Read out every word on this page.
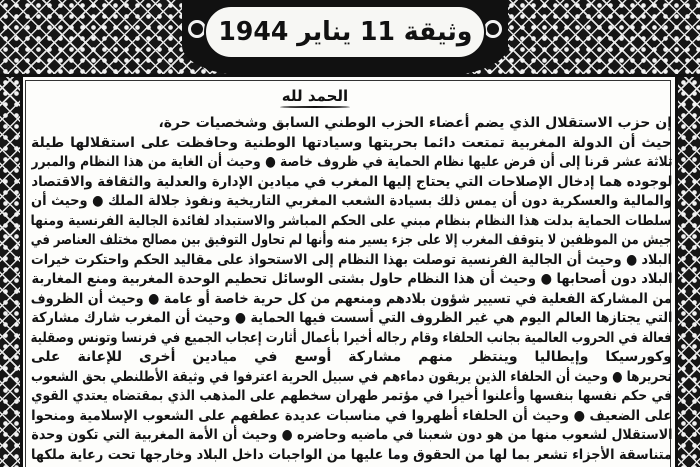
وثيقة 11 يناير 1944
الحمد لله
إن حزب الاستقلال الذي يضم أعضاء الحزب الوطني السابق وشخصيات حرة،
حيث أن الدولة المغربية تمتعت دائما بحريتها وسيادتها الوطنية وحافظت على استقلالها طيلة
ثلاثة عشر قرنا إلى أن فرض عليها نظام الحماية في ظروف خاصة ● وحيث أن الغاية من هذا النظام والمبرر
لوجوده هما إدخال الإصلاحات التي يحتاج إليها المغرب في ميادين الإدارة والعدلية والثقافة والاقتصاد
والمالية والعسكرية دون أن يمس ذلك بسيادة الشعب المغربي التاريخية ونفوذ جلالة الملك ● وحيث أن
سلطات الحماية بدلت هذا النظام بنظام مبني على الحكم المباشر والاستبداد لفائدة الجالية الفرنسية ومنها
جيش من الموظفين لا يتوقف المغرب إلا على جزء يسير منه وأنها لم تحاول التوفيق بين مصالح مختلف العناصر في
البلاد ● وحيث أن الجالية الفرنسية توصلت بهذا النظام إلى الاستحواذ على مقاليد الحكم واحتكرت خيرات
البلاد دون أصحابها ● وحيث أن هذا النظام حاول بشتى الوسائل تحطيم الوحدة المغربية ومنع المغاربة
من المشاركة الفعلية في تسيير شؤون بلادهم ومنعهم من كل حرية خاصة أو عامة ● وحيث أن الظروف
التي يجتازها العالم اليوم هي غير الظروف التي أسست فيها الحماية ● وحيث أن المغرب شارك مشاركة
فعالة في الحروب العالمية بجانب الحلفاء وقام رجاله أخيرا بأعمال أثارت إعجاب الجميع في فرنسا وتونس وصقلية
وكورسيكا وإيطاليا وينتظر منهم مشاركة أوسع في ميادين أخرى للإعانة على
تحريرها ● وحيث أن الحلفاء الذين يريقون دماءهم في سبيل الحرية اعترفوا في وثيقة الأطلنطي بحق الشعوب
في حكم نفسها بنفسها وأعلنوا أخيرا في مؤتمر طهران سخطهم على المذهب الذي بمقتضاه يعتدي القوي
على الضعيف ● وحيث أن الحلفاء أظهروا في مناسبات عديدة عطفهم على الشعوب الإسلامية ومنحوا
الاستقلال لشعوب منها من هو دون شعبنا في ماضيه وحاضره ● وحيث أن الأمة المغربية التي تكون وحدة
متناسقة الأجزاء تشعر بما لها من الحقوق وما عليها من الواجبات داخل البلاد وخارجها تحت رعاية ملكها
